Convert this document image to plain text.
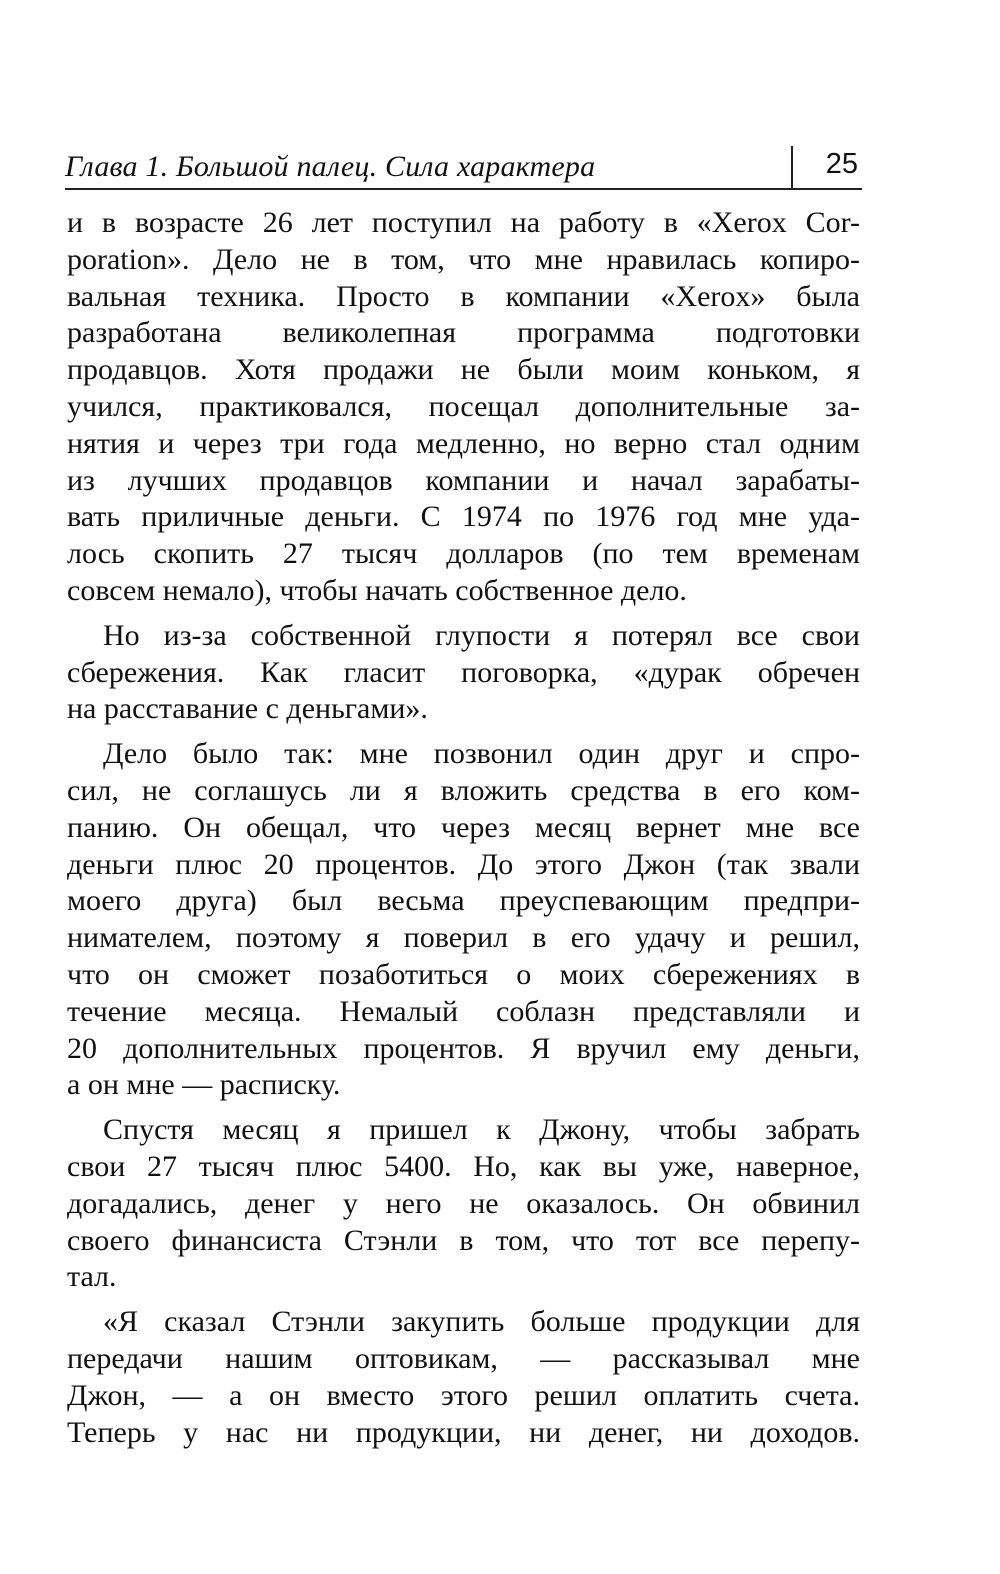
Глава 1. Большой палец. Сила характера	25
и в возрасте 26 лет поступил на работу в «Xerox Cor-
poration». Дело не в том, что мне нравилась копиро-
вальная техника. Просто в компании «Xerox» была
разработана великолепная программа подготовки
продавцов. Хотя продажи не были моим коньком, я
учился, практиковался, посещал дополнительные за-
нятия и через три года медленно, но верно стал одним
из лучших продавцов компании и начал зарабаты-
вать приличные деньги. С 1974 по 1976 год мне уда-
лось скопить 27 тысяч долларов (по тем временам
совсем немало), чтобы начать собственное дело.
Но из-за собственной глупости я потерял все свои
сбережения. Как гласит поговорка, «дурак обречен
на расставание с деньгами».
Дело было так: мне позвонил один друг и спро-
сил, не соглашусь ли я вложить средства в его ком-
панию. Он обещал, что через месяц вернет мне все
деньги плюс 20 процентов. До этого Джон (так звали
моего друга) был весьма преуспевающим предпри-
нимателем, поэтому я поверил в его удачу и решил,
что он сможет позаботиться о моих сбережениях в
течение месяца. Немалый соблазн представляли и
20 дополнительных процентов. Я вручил ему деньги,
а он мне — расписку.
Спустя месяц я пришел к Джону, чтобы забрать
свои 27 тысяч плюс 5400. Но, как вы уже, наверное,
догадались, денег у него не оказалось. Он обвинил
своего финансиста Стэнли в том, что тот все перепу-
тал.
«Я сказал Стэнли закупить больше продукции для
передачи нашим оптовикам, — рассказывал мне
Джон, — а он вместо этого решил оплатить счета.
Теперь у нас ни продукции, ни денег, ни доходов.
